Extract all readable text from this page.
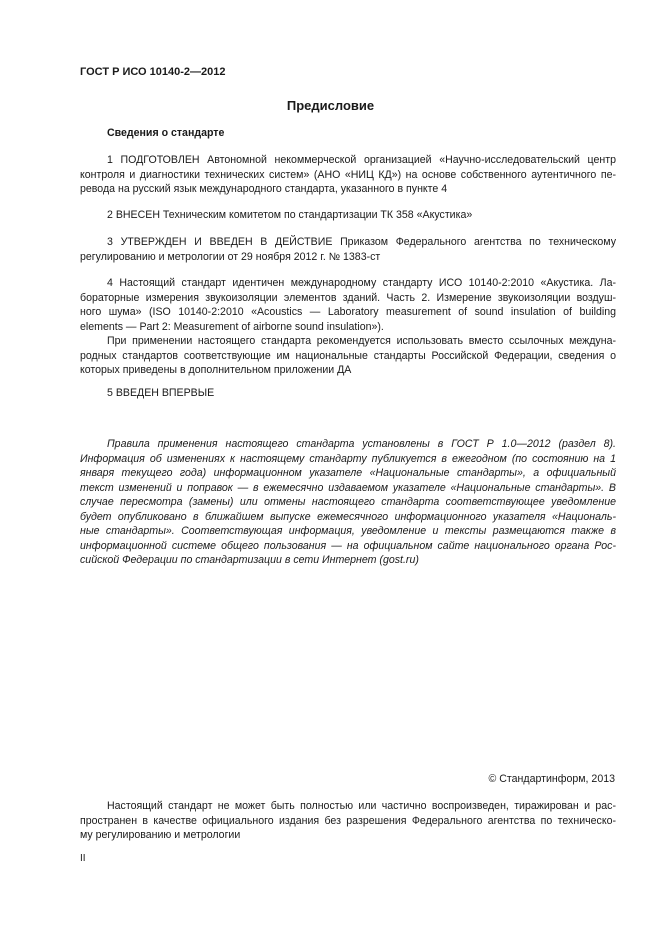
ГОСТ Р ИСО 10140-2—2012
Предисловие
Сведения о стандарте
1 ПОДГОТОВЛЕН Автономной некоммерческой организацией «Научно-исследовательский центр
контроля и диагностики технических систем» (АНО «НИЦ КД») на основе собственного аутентичного пе-
ревода на русский язык международного стандарта, указанного в пункте 4
2 ВНЕСЕН Техническим комитетом по стандартизации ТК 358 «Акустика»
3 УТВЕРЖДЕН И ВВЕДЕН В ДЕЙСТВИЕ Приказом Федерального агентства по техническому
регулированию и метрологии от 29 ноября 2012 г. № 1383-ст
4 Настоящий стандарт идентичен международному стандарту ИСО 10140-2:2010 «Акустика. Ла-
бораторные измерения звукоизоляции элементов зданий. Часть 2. Измерение звукоизоляции воздуш-
ного шума» (ISO 10140-2:2010 «Acoustics — Laboratory measurement of sound insulation of building
elements — Part 2: Measurement of airborne sound insulation»).
При применении настоящего стандарта рекомендуется использовать вместо ссылочных междуна-
родных стандартов соответствующие им национальные стандарты Российской Федерации, сведения о
которых приведены в дополнительном приложении ДА
5 ВВЕДЕН ВПЕРВЫЕ
Правила применения настоящего стандарта установлены в ГОСТ Р 1.0—2012 (раздел 8).
Информация об изменениях к настоящему стандарту публикуется в ежегодном (по состоянию на 1
января текущего года) информационном указателе «Национальные стандарты», а официальный
текст изменений и поправок — в ежемесячно издаваемом указателе «Национальные стандарты». В
случае пересмотра (замены) или отмены настоящего стандарта соответствующее уведомление
будет опубликовано в ближайшем выпуске ежемесячного информационного указателя «Националь-
ные стандарты». Соответствующая информация, уведомление и тексты размещаются также в
информационной системе общего пользования — на официальном сайте национального органа Рос-
сийской Федерации по стандартизации в сети Интернет (gost.ru)
© Стандартинформ, 2013
Настоящий стандарт не может быть полностью или частично воспроизведен, тиражирован и рас-
пространен в качестве официального издания без разрешения Федерального агентства по техническо-
му регулированию и метрологии
II
